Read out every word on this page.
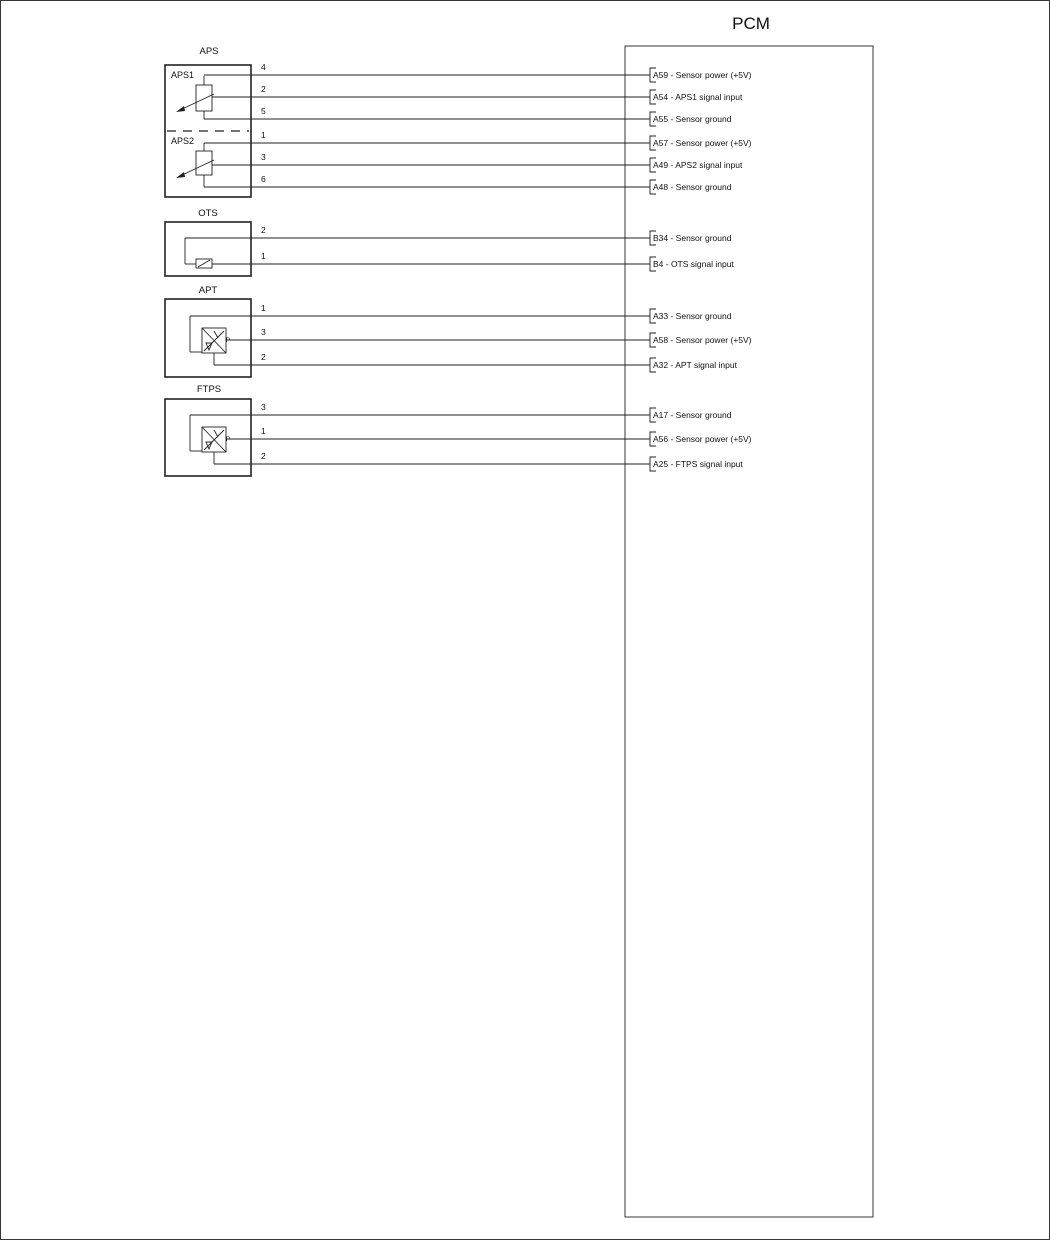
PCM
APS
APS1
APS2
OTS
APT
P
FTPS
P
4
A59 - Sensor power (+5V)
2
A54 - APS1 signal input
5
A55 - Sensor ground
1
A57 - Sensor power (+5V)
3
A49 - APS2 signal input
6
A48 - Sensor ground
2
B34 - Sensor ground
1
B4 - OTS signal input
1
A33 - Sensor ground
3
A58 - Sensor power (+5V)
2
A32 - APT signal input
3
A17 - Sensor ground
1
A56 - Sensor power (+5V)
2
A25 - FTPS signal input
